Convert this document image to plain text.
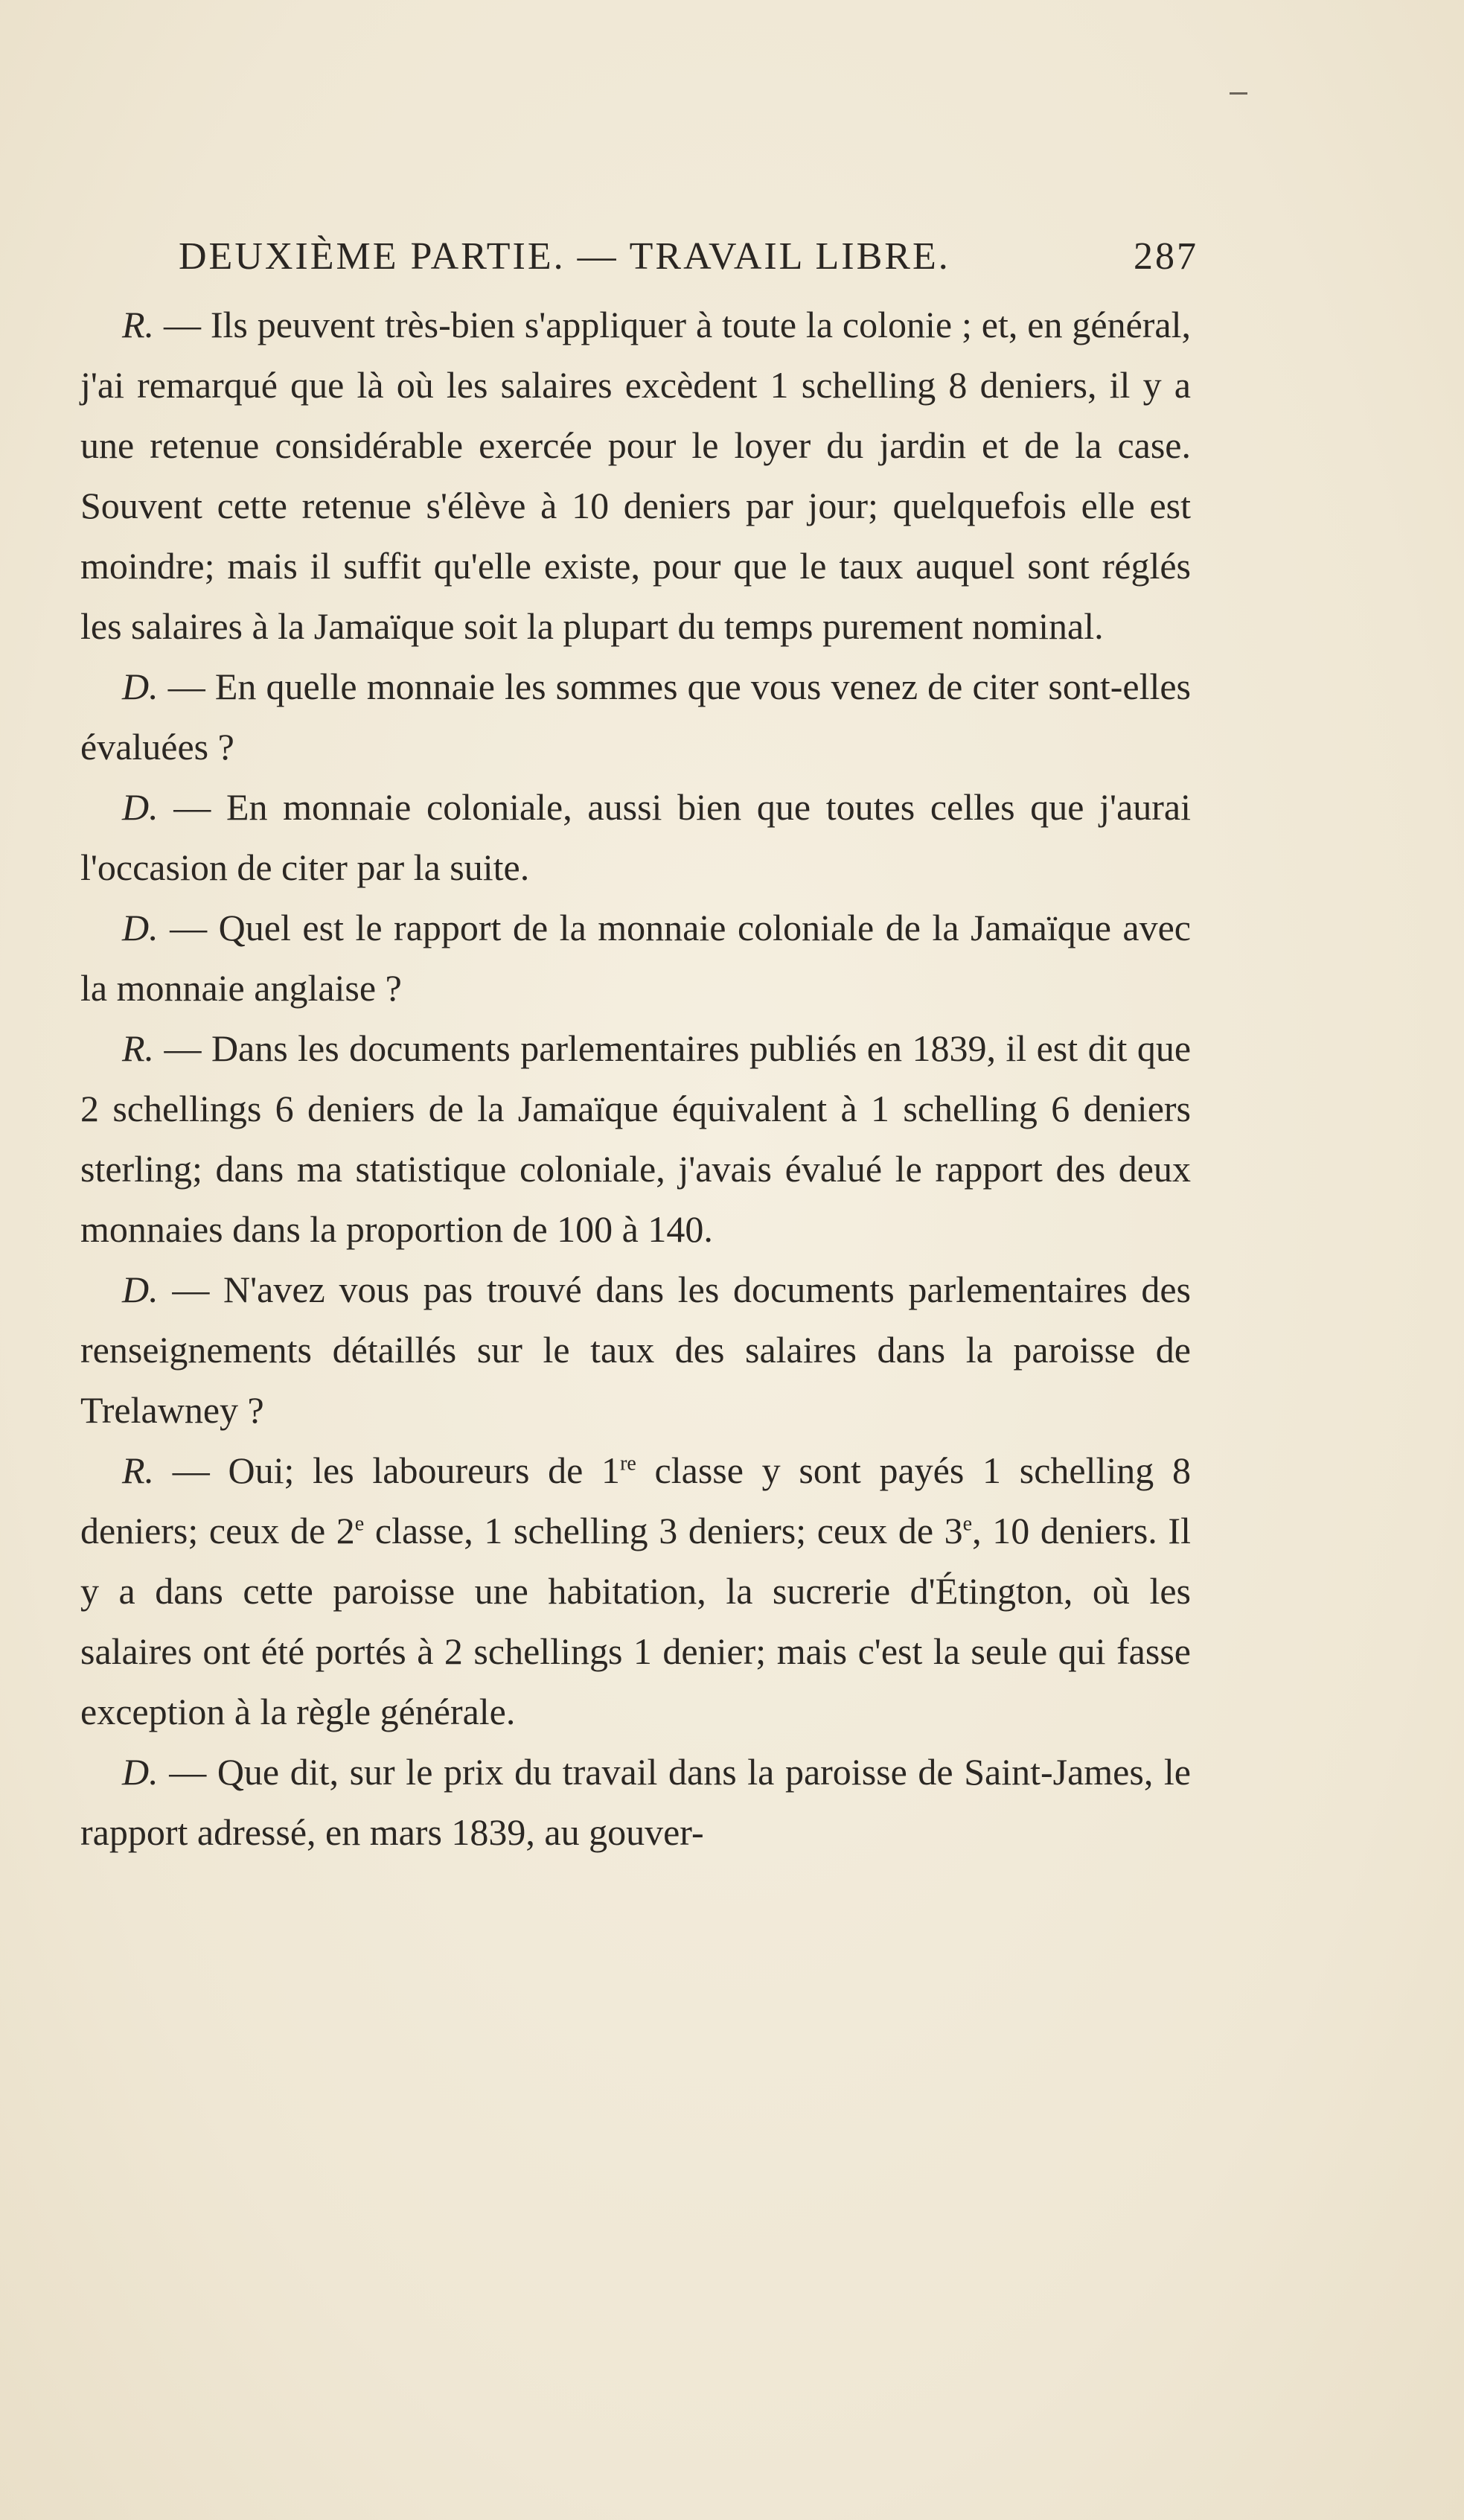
DEUXIÈME PARTIE. — TRAVAIL LIBRE.	287

R. — Ils peuvent très-bien s'appliquer à toute la colonie ; et, en général, j'ai remarqué que là où les salaires excèdent 1 schelling 8 deniers, il y a une retenue considérable exercée pour le loyer du jardin et de la case. Souvent cette retenue s'élève à 10 deniers par jour; quelquefois elle est moindre; mais il suffit qu'elle existe, pour que le taux auquel sont réglés les salaires à la Jamaïque soit la plupart du temps purement nominal.

D. — En quelle monnaie les sommes que vous venez de citer sont-elles évaluées ?

D. — En monnaie coloniale, aussi bien que toutes celles que j'aurai l'occasion de citer par la suite.

D. — Quel est le rapport de la monnaie coloniale de la Jamaïque avec la monnaie anglaise ?

R. — Dans les documents parlementaires publiés en 1839, il est dit que 2 schellings 6 deniers de la Jamaïque équivalent à 1 schelling 6 deniers sterling; dans ma statistique coloniale, j'avais évalué le rapport des deux monnaies dans la proportion de 100 à 140.

D. — N'avez vous pas trouvé dans les documents parlementaires des renseignements détaillés sur le taux des salaires dans la paroisse de Trelawney ?

R. — Oui; les laboureurs de 1re classe y sont payés 1 schelling 8 deniers; ceux de 2e classe, 1 schelling 3 deniers; ceux de 3e, 10 deniers. Il y a dans cette paroisse une habitation, la sucrerie d'Étington, où les salaires ont été portés à 2 schellings 1 denier; mais c'est la seule qui fasse exception à la règle générale.

D. — Que dit, sur le prix du travail dans la paroisse de Saint-James, le rapport adressé, en mars 1839, au gouver-
